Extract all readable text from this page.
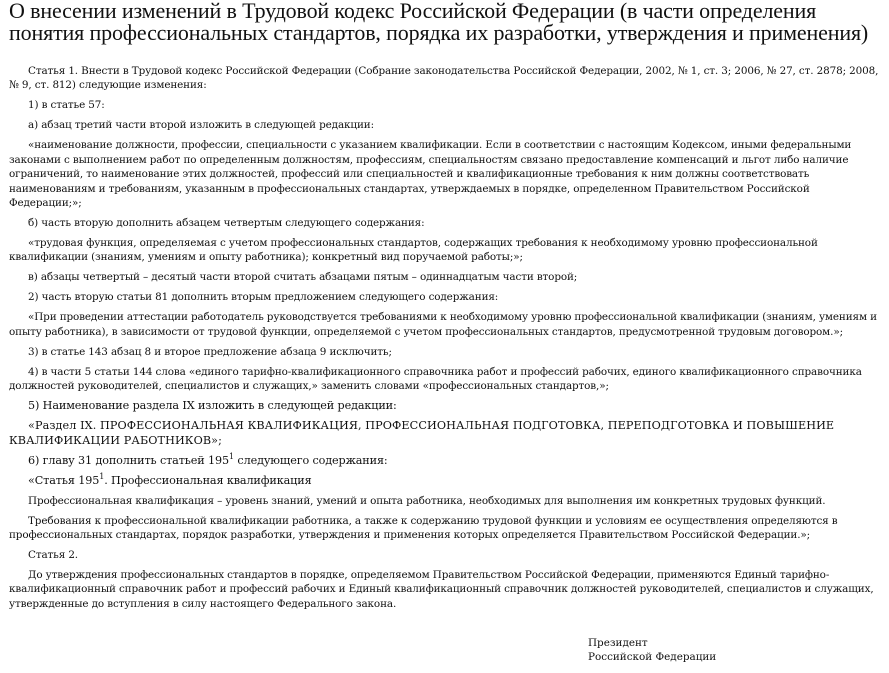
О внесении изменений в Трудовой кодекс Российской Федерации (в части определения
понятия профессиональных стандартов, порядка их разработки, утверждения и применения)

Статья 1. Внести в Трудовой кодекс Российской Федерации (Собрание законодательства Российской Федерации, 2002, № 1, ст. 3; 2006, № 27, ст. 2878; 2008, № 9, ст. 812) следующие изменения:

1) в статье 57:

а) абзац третий части второй изложить в следующей редакции:

«наименование должности, профессии, специальности с указанием квалификации. Если в соответствии с настоящим Кодексом, иными федеральными законами с выполнением работ по определенным должностям, профессиям, специальностям связано предоставление компенсаций и льгот либо наличие ограничений, то наименование этих должностей, профессий или специальностей и квалификационные требования к ним должны соответствовать наименованиям и требованиям, указанным в профессиональных стандартах, утверждаемых в порядке, определенном Правительством Российской Федерации;»;

б) часть вторую дополнить абзацем четвертым следующего содержания:

«трудовая функция, определяемая с учетом профессиональных стандартов, содержащих требования к необходимому уровню профессиональной квалификации (знаниям, умениям и опыту работника); конкретный вид поручаемой работы;»;

в) абзацы четвертый – десятый части второй считать абзацами пятым – одиннадцатым части второй;

2) часть вторую статьи 81 дополнить вторым предложением следующего содержания:

«При проведении аттестации работодатель руководствуется требованиями к необходимому уровню профессиональной квалификации (знаниям, умениям и опыту работника), в зависимости от трудовой функции, определяемой с учетом профессиональных стандартов, предусмотренной трудовым договором.»;

3) в статье 143 абзац 8 и второе предложение абзаца 9 исключить;

4) в части 5 статьи 144 слова «единого тарифно-квалификационного справочника работ и профессий рабочих, единого квалификационного справочника должностей руководителей, специалистов и служащих,» заменить словами «профессиональных стандартов,»;

5) Наименование раздела IX изложить в следующей редакции:

«Раздел IX. ПРОФЕССИОНАЛЬНАЯ КВАЛИФИКАЦИЯ, ПРОФЕССИОНАЛЬНАЯ ПОДГОТОВКА, ПЕРЕПОДГОТОВКА И ПОВЫШЕНИЕ КВАЛИФИКАЦИИ РАБОТНИКОВ»;

6) главу 31 дополнить статьей $195^1$ следующего содержания:

«Статья $195^1$. Профессиональная квалификация

Профессиональная квалификация – уровень знаний, умений и опыта работника, необходимых для выполнения им конкретных трудовых функций.

Требования к профессиональной квалификации работника, а также к содержанию трудовой функции и условиям ее осуществления определяются в профессиональных стандартах, порядок разработки, утверждения и применения которых определяется Правительством Российской Федерации.»;

Статья 2.

До утверждения профессиональных стандартов в порядке, определяемом Правительством Российской Федерации, применяются Единый тарифно-квалификационный справочник работ и профессий рабочих и Единый квалификационный справочник должностей руководителей, специалистов и служащих, утвержденные до вступления в силу настоящего Федерального закона.

Президент
Российской Федерации
